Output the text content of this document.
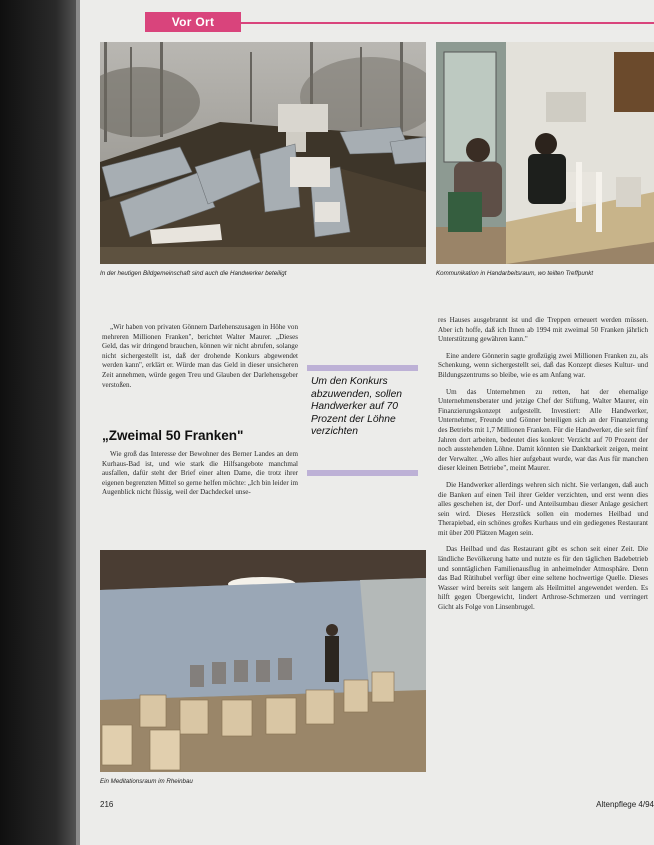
Vor Ort
In der heutigen Bildgemeinschaft sind auch die Handwerker beteiligt	Kommunikation in Handarbeitsraum, wo teilten Treffpunkt

„Wir haben von privaten Gönnern Darlehenszusagen in Höhe von mehreren Millionen Franken", berichtet Walter Maurer. „Dieses Geld, das wir dringend brauchen, können wir nicht abrufen, solange nicht sichergestellt ist, daß der drohende Konkurs abgewendet werden kann", erklärt er. Würde man das Geld in dieser unsicheren Zeit annehmen, würde gegen Treu und Glauben der Darlehensgeber verstoßen.

„Zweimal 50 Franken"

Wie groß das Interesse der Bewohner des Berner Landes an dem Kurhaus-Bad ist, und wie stark die Hilfsangebote manchmal ausfallen, dafür steht der Brief einer alten Dame, die trotz ihrer eigenen begrenzten Mittel so gerne helfen möchte: „Ich bin leider im Augenblick nicht flüssig, weil der Dachdeckel unse-

Um den Konkurs abzuwenden, sollen Handwerker auf 70 Prozent der Löhne verzichten

res Hauses ausgebrannt ist und die Treppen erneuert werden müssen. Aber ich hoffe, daß ich Ihnen ab 1994 mit zweimal 50 Franken jährlich Unterstützung gewähren kann."

Eine andere Gönnerin sagte großzügig zwei Millionen Franken zu, als Schenkung, wenn sichergestellt sei, daß das Konzept dieses Kultur- und Bildungszentrums so bleibe, wie es am Anfang war.

Um das Unternehmen zu retten, hat der ehemalige Unternehmensberater und jetzige Chef der Stiftung, Walter Maurer, ein Finanzierungskonzept aufgestellt. Investiert: Alle Handwerker, Unternehmer, Freunde und Gönner beteiligen sich an der Finanzierung des Betriebs mit 1,7 Millionen Franken. Für die Handwerker, die seit fünf Jahren dort arbeiten, bedeutet dies konkret: Verzicht auf 70 Prozent der noch ausstehenden Löhne. Damit könnten sie Dankbarkeit zeigen, meint der Verwalter. „Wo alles hier aufgebaut wurde, war das Aus für manchen dieser kleinen Betriebe", meint Maurer.

Die Handwerker allerdings wehren sich nicht. Sie verlangen, daß auch die Banken auf einen Teil ihrer Gelder verzichten, und erst wenn dies alles geschehen ist, der Dorf- und Anteilsumbau dieser Anlage gesichert sein wird. Dieses Herzstück sollen ein modernes Heilbad und Therapiebad, ein schönes großes Kurhaus und ein gediegenes Restaurant mit über 200 Plätzen Magen sein.

Das Heilbad und das Restaurant gibt es schon seit einer Zeit. Die ländliche Bevölkerung hatte und nutzte es für den täglichen Badebetrieb und sonntäglichen Familienausflug in anheimelnder Atmosphäre. Denn das Bad Rütihubel verfügt über eine seltene hochwertige Quelle. Dieses Wasser wird bereits seit langem als Heilmittel angewendet werden. Es hilft gegen Übergewicht, lindert Arthrose-Schmerzen und verringert Gicht als Folge von Linsenbrugel.

Ein Meditationsraum im Rheinbau
216	Altenpflege 4/94
